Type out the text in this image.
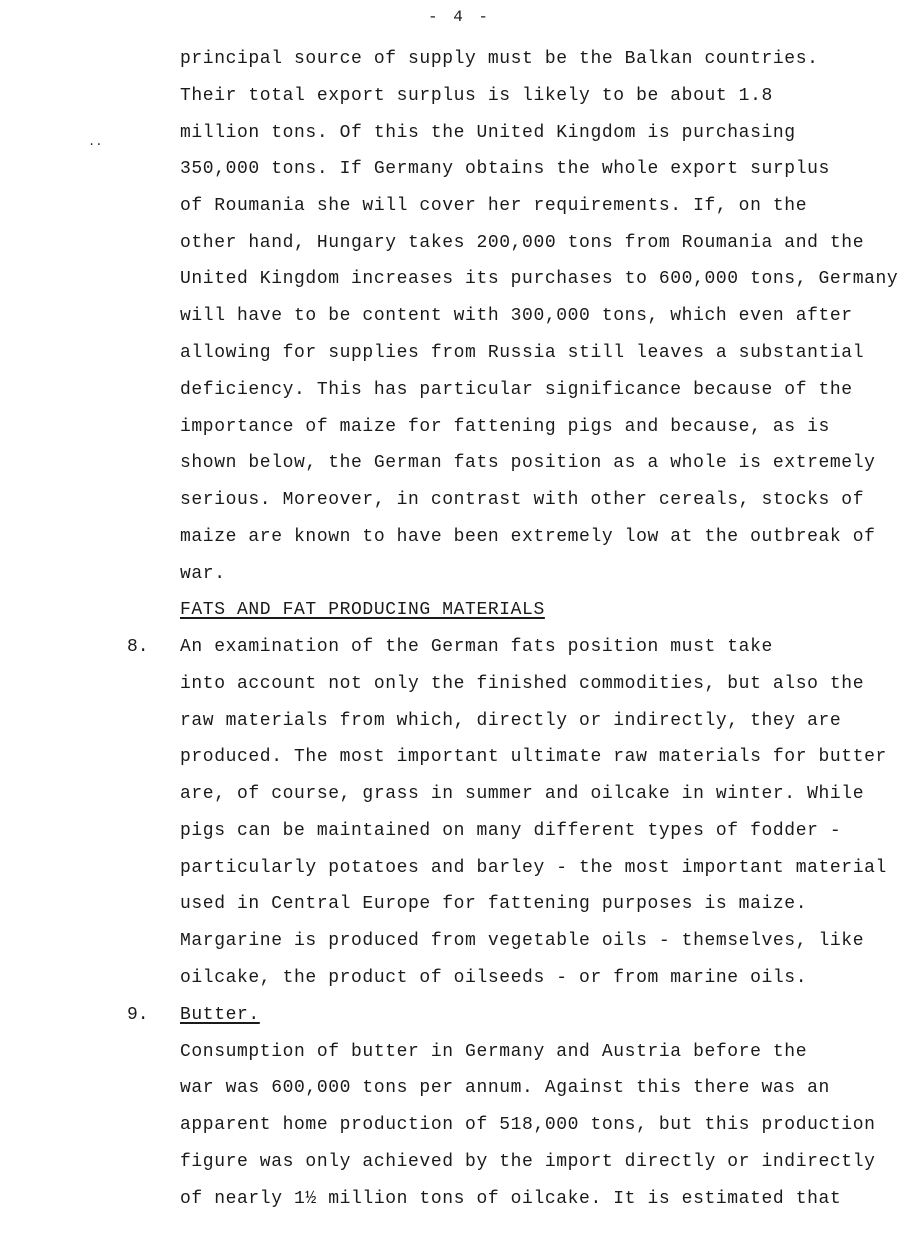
- 4 -
..
principal source of supply must be the Balkan countries.
Their total export surplus is likely to be about 1.8
million tons. Of this the United Kingdom is purchasing
350,000 tons. If Germany obtains the whole export surplus
of Roumania she will cover her requirements. If, on the
other hand, Hungary takes 200,000 tons from Roumania and the
United Kingdom increases its purchases to 600,000 tons, Germany
will have to be content with 300,000 tons, which even after
allowing for supplies from Russia still leaves a substantial
deficiency. This has particular significance because of the
importance of maize for fattening pigs and because, as is
shown below, the German fats position as a whole is extremely
serious. Moreover, in contrast with other cereals, stocks of
maize are known to have been extremely low at the outbreak of
war.
FATS AND FAT PRODUCING MATERIALS
8. An examination of the German fats position must take
into account not only the finished commodities, but also the
raw materials from which, directly or indirectly, they are
produced. The most important ultimate raw materials for butter
are, of course, grass in summer and oilcake in winter. While
pigs can be maintained on many different types of fodder -
particularly potatoes and barley - the most important material
used in Central Europe for fattening purposes is maize.
Margarine is produced from vegetable oils - themselves, like
oilcake, the product of oilseeds - or from marine oils.
9. Butter.
Consumption of butter in Germany and Austria before the
war was 600,000 tons per annum. Against this there was an
apparent home production of 518,000 tons, but this production
figure was only achieved by the import directly or indirectly
of nearly 1½ million tons of oilcake. It is estimated that
